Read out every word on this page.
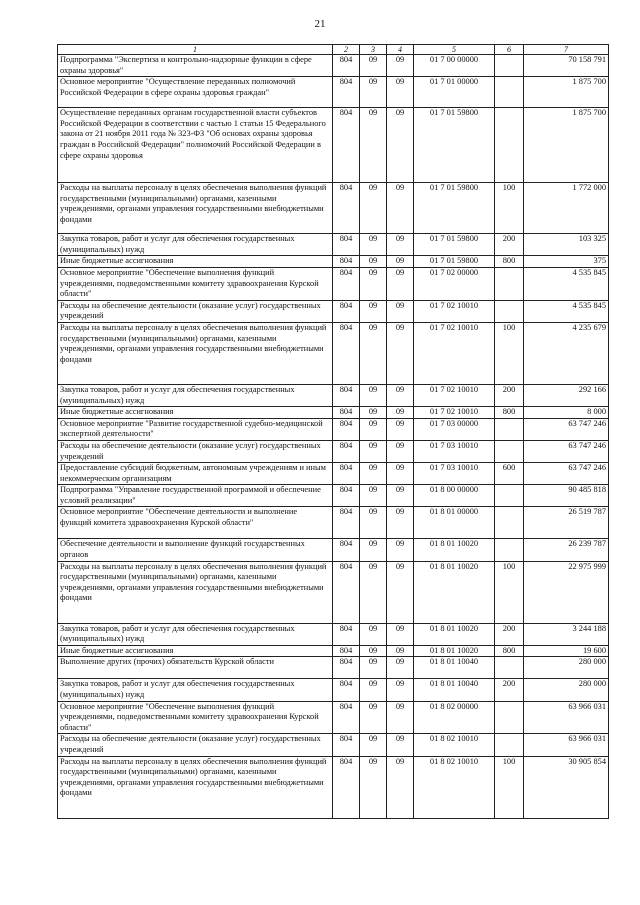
21
1	2	3	4	5	6	7
Подпрограмма "Экспертиза и контрольно-надзорные функции в сфере охраны здоровья"	804	09	09	01 7 00 00000		70 158 791
Основное мероприятие "Осуществление переданных полномочий Российской Федерации в сфере охраны здоровья граждан"	804	09	09	01 7 01 00000		1 875 700
Осуществление переданных органам государственной власти субъектов Российской Федерации в соответствии с частью 1 статьи 15 Федерального закона от 21 ноября 2011 года № 323-ФЗ "Об основах охраны здоровья граждан в Российской Федерации" полномочий Российской Федерации в сфере охраны здоровья	804	09	09	01 7 01 59800		1 875 700
Расходы на выплаты персоналу в целях обеспечения выполнения функций государственными (муниципальными) органами, казенными учреждениями, органами управления государственными внебюджетными фондами	804	09	09	01 7 01 59800	100	1 772 000
Закупка товаров, работ и услуг для обеспечения государственных (муниципальных) нужд	804	09	09	01 7 01 59800	200	103 325
Иные бюджетные ассигнования	804	09	09	01 7 01 59800	800	375
Основное мероприятие "Обеспечение выполнения функций учреждениями, подведомственными комитету здравоохранения Курской области"	804	09	09	01 7 02 00000		4 535 845
Расходы на обеспечение деятельности (оказание услуг) государственных учреждений	804	09	09	01 7 02 10010		4 535 845
Расходы на выплаты персоналу в целях обеспечения выполнения функций государственными (муниципальными) органами, казенными учреждениями, органами управления государственными внебюджетными фондами	804	09	09	01 7 02 10010	100	4 235 679
Закупка товаров, работ и услуг для обеспечения государственных (муниципальных) нужд	804	09	09	01 7 02 10010	200	292 166
Иные бюджетные ассигнования	804	09	09	01 7 02 10010	800	8 000
Основное мероприятие "Развитие государственной судебно-медицинской экспертной деятельности"	804	09	09	01 7 03 00000		63 747 246
Расходы на обеспечение деятельности (оказание услуг) государственных учреждений	804	09	09	01 7 03 10010		63 747 246
Предоставление субсидий бюджетным, автономным учреждениям и иным некоммерческим организациям	804	09	09	01 7 03 10010	600	63 747 246
Подпрограмма "Управление государственной программой и обеспечение условий реализации"	804	09	09	01 8 00 00000		90 485 818
Основное мероприятие "Обеспечение деятельности и выполнение функций комитета здравоохранения Курской области"	804	09	09	01 8 01 00000		26 519 787
Обеспечение деятельности и выполнение функций государственных органов	804	09	09	01 8 01 10020		26 239 787
Расходы на выплаты персоналу в целях обеспечения выполнения функций государственными (муниципальными) органами, казенными учреждениями, органами управления государственными внебюджетными фондами	804	09	09	01 8 01 10020	100	22 975 999
Закупка товаров, работ и услуг для обеспечения государственных (муниципальных) нужд	804	09	09	01 8 01 10020	200	3 244 188
Иные бюджетные ассигнования	804	09	09	01 8 01 10020	800	19 600
Выполнение других (прочих) обязательств Курской области	804	09	09	01 8 01 10040		280 000
Закупка товаров, работ и услуг для обеспечения государственных (муниципальных) нужд	804	09	09	01 8 01 10040	200	280 000
Основное мероприятие "Обеспечение выполнения функций учреждениями, подведомственными комитету здравоохранения Курской области"	804	09	09	01 8 02 00000		63 966 031
Расходы на обеспечение деятельности (оказание услуг) государственных учреждений	804	09	09	01 8 02 10010		63 966 031
Расходы на выплаты персоналу в целях обеспечения выполнения функций государственными (муниципальными) органами, казенными учреждениями, органами управления государственными внебюджетными фондами	804	09	09	01 8 02 10010	100	30 905 854
